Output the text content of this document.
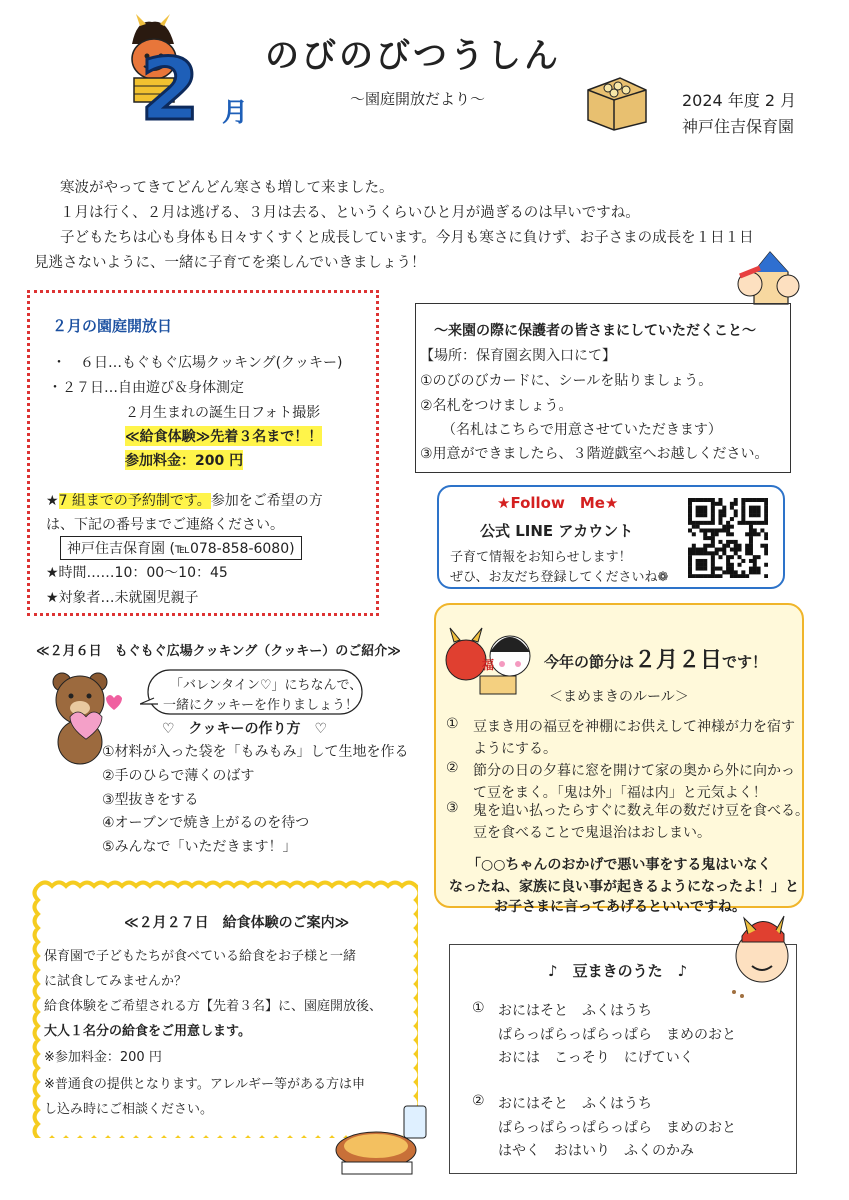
2 月
のびのびつうしん
～園庭開放だより～	2024 年度 2 月
神戸住吉保育園
寒波がやってきてどんどん寒さも増して来ました。
１月は行く、２月は逃げる、３月は去る、というくらいひと月が過ぎるのは早いですね。
子どもたちは心も身体も日々すくすくと成長しています。今月も寒さに負けず、お子さまの成長を１日１日
見逃さないように、一緒に子育てを楽しんでいきましょう！
２月の園庭開放日
・　６日…もぐもぐ広場クッキング(クッキー)
・２７日…自由遊び＆身体測定
２月生まれの誕生日フォト撮影
≪給食体験≫先着３名まで！！
参加料金：200 円
★7 組までの予約制です。参加をご希望の方
は、下記の番号までご連絡ください。
神戸住吉保育園 (℡078-858-6080)
★時間……10：00～10：45
★対象者…未就園児親子
～来園の際に保護者の皆さまにしていただくこと～
【場所：保育園玄関入口にて】
①のびのびカードに、シールを貼りましょう。
②名札をつけましょう。
（名札はこちらで用意させていただきます）
③用意ができましたら、３階遊戯室へお越しください。
★Follow　Me★
公式 LINE アカウント
子育て情報をお知らせします！
ぜひ、お友だち登録してくださいね❁
≪２月６日　もぐもぐ広場クッキング（クッキー）のご紹介≫
「バレンタイン♡」にちなんで、
一緒にクッキーを作りましょう！
♡　クッキーの作り方　♡
①材料が入った袋を「もみもみ」して生地を作る
②手のひらで薄くのばす
③型抜きをする
④オーブンで焼き上がるのを待つ
⑤みんなで「いただきます！」
福	今年の節分は２月２日です！
＜まめまきのルール＞
① 豆まき用の福豆を神棚にお供えして神様が力を宿す
ようにする。
② 節分の日の夕暮に窓を開けて家の奥から外に向かっ
て豆をまく。「鬼は外」「福は内」と元気よく！
③ 鬼を追い払ったらすぐに数え年の数だけ豆を食べる。
豆を食べることで鬼退治はおしまい。
「○○ちゃんのおかげで悪い事をする鬼はいなく
なったね、家族に良い事が起きるようになったよ！」と
お子さまに言ってあげるといいですね。
≪２月２７日　給食体験のご案内≫
保育園で子どもたちが食べている給食をお子様と一緒
に試食してみませんか？
給食体験をご希望される方【先着３名】に、園庭開放後、
大人１名分の給食をご用意します。
※参加料金：200 円
※普通食の提供となります。アレルギー等がある方は申
し込み時にご相談ください。
♪　豆まきのうた　♪
① おにはそと　ふくはうち
ぱらっぱらっぱらっぱら　まめのおと
おには　こっそり　にげていく
② おにはそと　ふくはうち
ぱらっぱらっぱらっぱら　まめのおと
はやく　おはいり　ふくのかみ
